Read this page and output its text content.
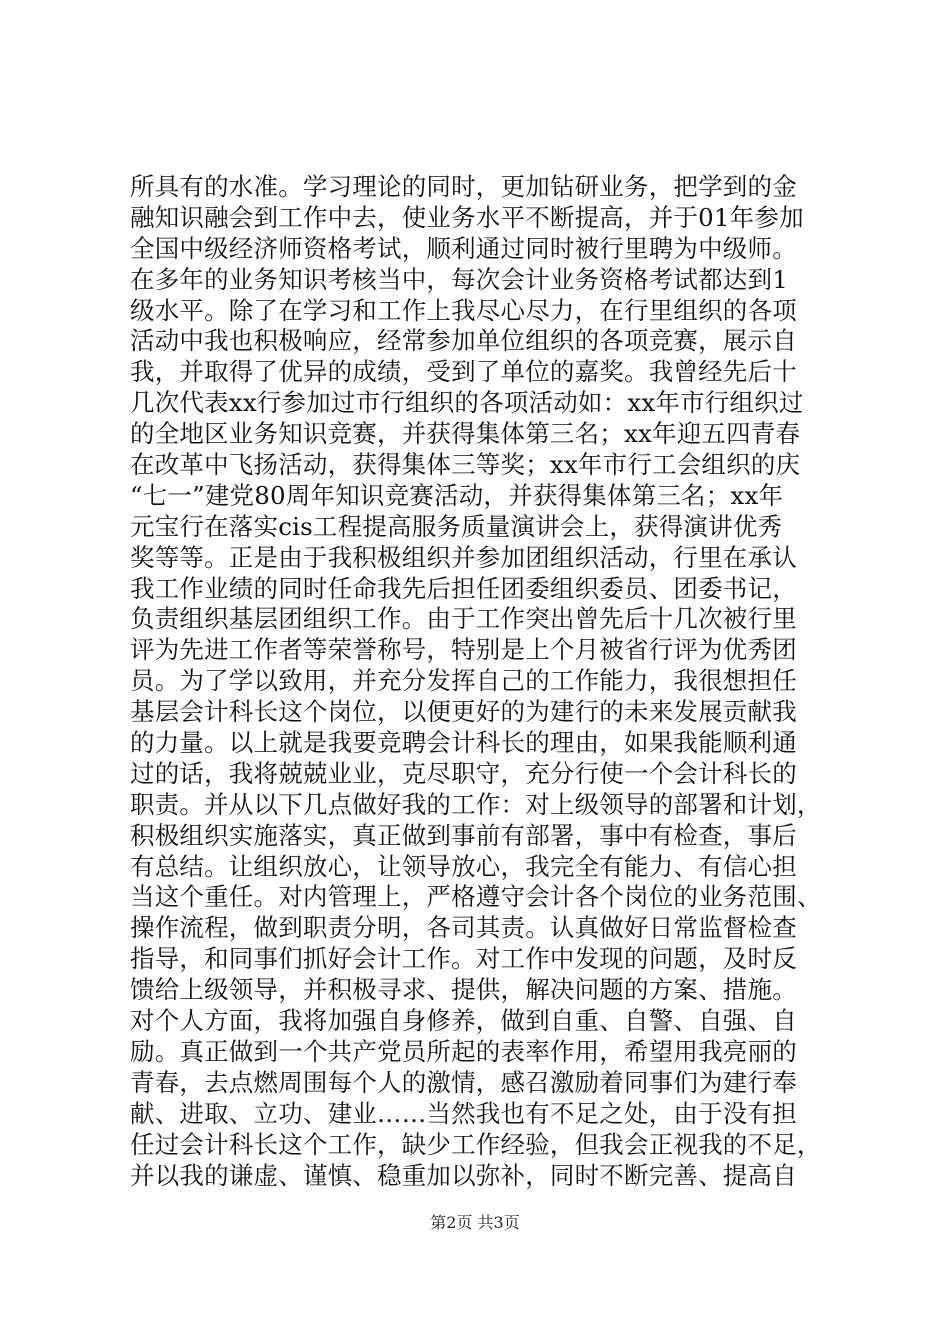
所具有的水准。学习理论的同时，更加钻研业务，把学到的金
融知识融会到工作中去，使业务水平不断提高，并于01年参加
全国中级经济师资格考试，顺利通过同时被行里聘为中级师。
在多年的业务知识考核当中，每次会计业务资格考试都达到1
级水平。除了在学习和工作上我尽心尽力，在行里组织的各项
活动中我也积极响应，经常参加单位组织的各项竞赛，展示自
我，并取得了优异的成绩，受到了单位的嘉奖。我曾经先后十
几次代表xx行参加过市行组织的各项活动如：xx年市行组织过
的全地区业务知识竞赛，并获得集体第三名；xx年迎五四青春
在改革中飞扬活动，获得集体三等奖；xx年市行工会组织的庆
“七一”建党80周年知识竞赛活动，并获得集体第三名；xx年
元宝行在落实cis工程提高服务质量演讲会上，获得演讲优秀
奖等等。正是由于我积极组织并参加团组织活动，行里在承认
我工作业绩的同时任命我先后担任团委组织委员、团委书记，
负责组织基层团组织工作。由于工作突出曾先后十几次被行里
评为先进工作者等荣誉称号，特别是上个月被省行评为优秀团
员。为了学以致用，并充分发挥自己的工作能力，我很想担任
基层会计科长这个岗位，以便更好的为建行的未来发展贡献我
的力量。以上就是我要竞聘会计科长的理由，如果我能顺利通
过的话，我将兢兢业业，克尽职守，充分行使一个会计科长的
职责。并从以下几点做好我的工作：对上级领导的部署和计划，
积极组织实施落实，真正做到事前有部署，事中有检查，事后
有总结。让组织放心，让领导放心，我完全有能力、有信心担
当这个重任。对内管理上，严格遵守会计各个岗位的业务范围、
操作流程，做到职责分明，各司其责。认真做好日常监督检查
指导，和同事们抓好会计工作。对工作中发现的问题，及时反
馈给上级领导，并积极寻求、提供，解决问题的方案、措施。
对个人方面，我将加强自身修养，做到自重、自警、自强、自
励。真正做到一个共产党员所起的表率作用，希望用我亮丽的
青春，去点燃周围每个人的激情，感召激励着同事们为建行奉
献、进取、立功、建业……当然我也有不足之处，由于没有担
任过会计科长这个工作，缺少工作经验，但我会正视我的不足，
并以我的谦虚、谨慎、稳重加以弥补，同时不断完善、提高自
第2页 共3页
